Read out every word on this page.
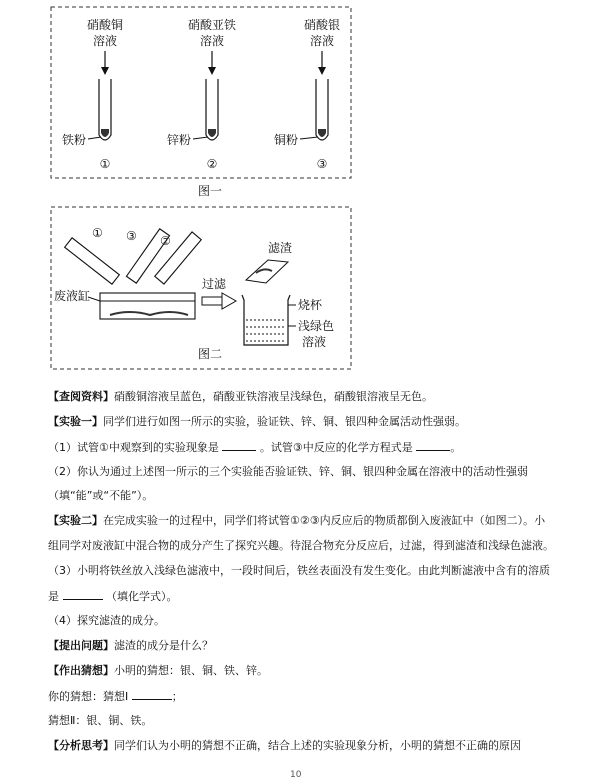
硝酸铜
溶液
铁粉
①
硝酸亚铁
溶液
锌粉
②
硝酸银
溶液
铜粉
③
图一
① ③ ②
废液缸
过滤
滤渣
烧杯
浅绿色
溶液
图二
【查阅资料】硝酸铜溶液呈蓝色，硝酸亚铁溶液呈浅绿色，硝酸银溶液呈无色。
【实验一】同学们进行如图一所示的实验，验证铁、锌、铜、银四种金属活动性强弱。
（1）试管①中观察到的实验现象是	。试管③中反应的化学方程式是	。
（2）你认为通过上述图一所示的三个实验能否验证铁、锌、铜、银四种金属在溶液中的活动性强弱
（填“能”或“不能”）。
【实验二】在完成实验一的过程中，同学们将试管①②③内反应后的物质都倒入废液缸中（如图二）。小
组同学对废液缸中混合物的成分产生了探究兴趣。待混合物充分反应后，过滤，得到滤渣和浅绿色滤液。
（3）小明将铁丝放入浅绿色滤液中，一段时间后，铁丝表面没有发生变化。由此判断滤液中含有的溶质
是	（填化学式）。
（4）探究滤渣的成分。
【提出问题】滤渣的成分是什么？
【作出猜想】小明的猜想：银、铜、铁、锌。
你的猜想：猜想Ⅰ	；
猜想Ⅱ：银、铜、铁。
【分析思考】同学们认为小明的猜想不正确，结合上述的实验现象分析，小明的猜想不正确的原因
10
